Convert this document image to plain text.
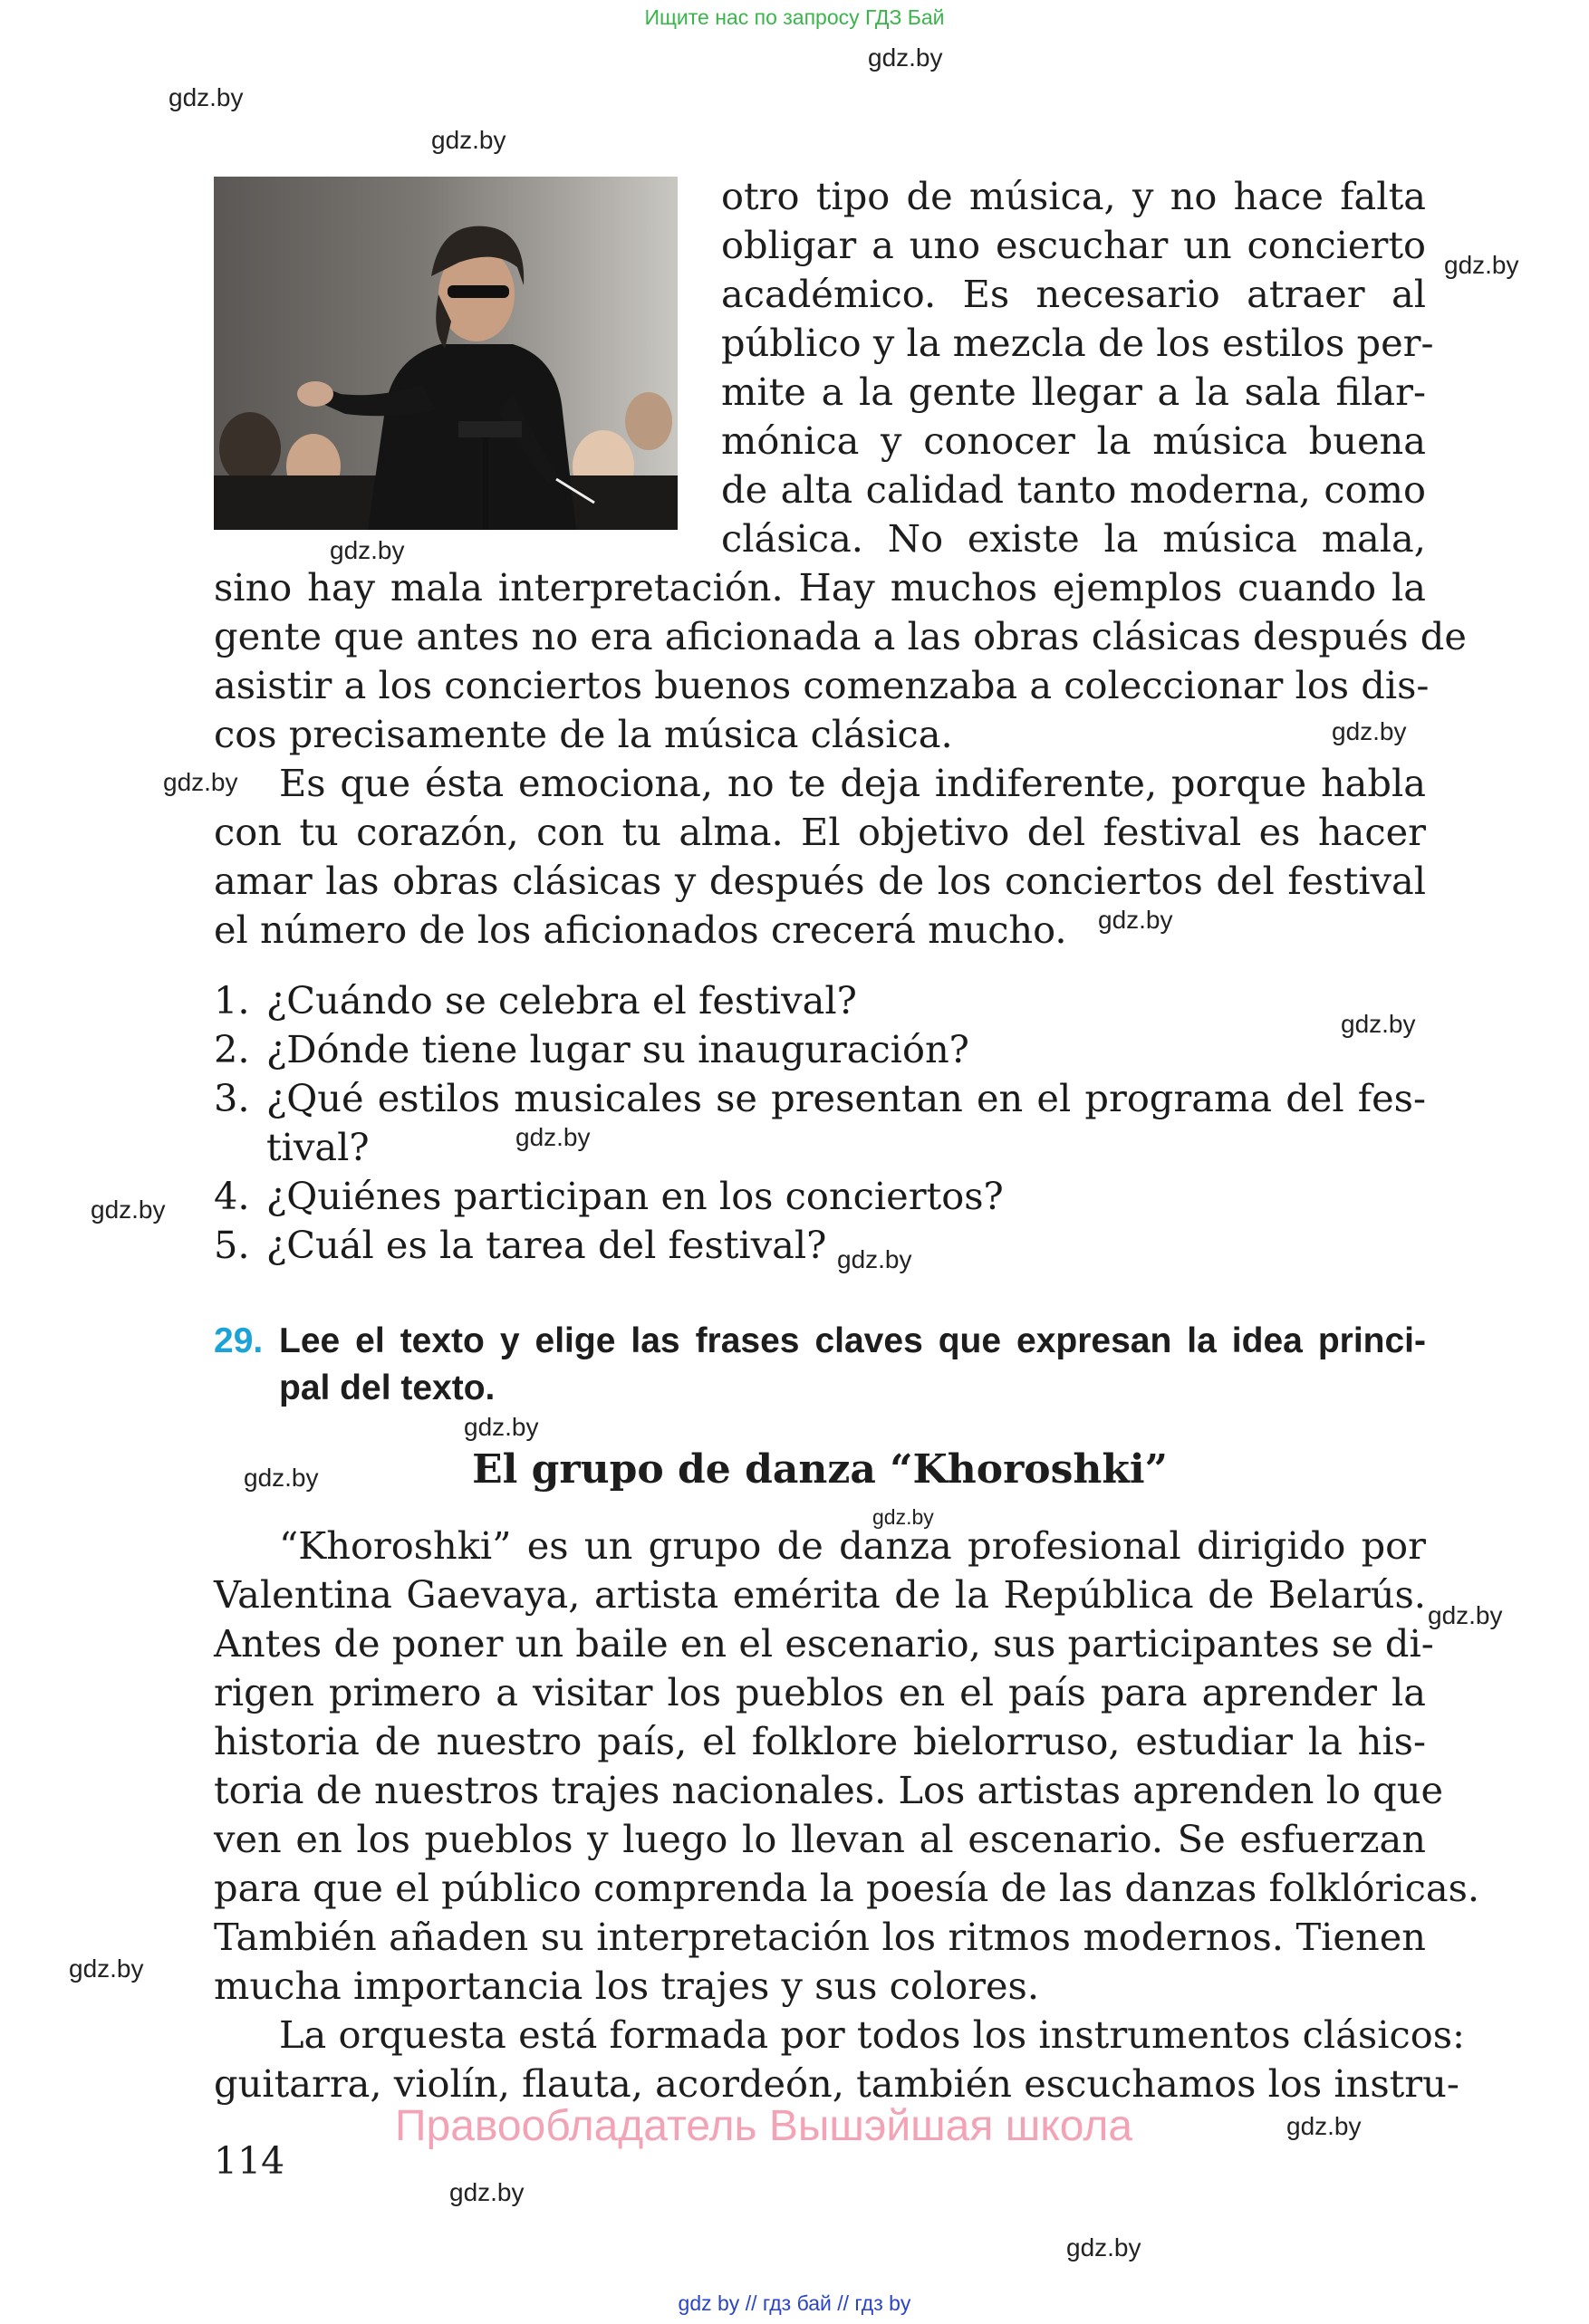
Ищите нас по запросу ГДЗ Бай
gdz.by
gdz.by
gdz.by
gdz.by
gdz.by
gdz.by
gdz.by
gdz.by
gdz.by
gdz.by
gdz.by
gdz.by
gdz.by
gdz.by
gdz.by
gdz.by
gdz.by
gdz.by
gdz.by
gdz.by
otro tipo de música, y no hace falta
obligar a uno escuchar un concierto
académico. Es necesario atraer al
público y la mezcla de los estilos per-
mite a la gente llegar a la sala filar-
mónica y conocer la música buena
de alta calidad tanto moderna, como
clásica. No existe la música mala,
sino hay mala interpretación. Hay muchos ejemplos cuando la
gente que antes no era aficionada a las obras clásicas después de
asistir a los conciertos buenos comenzaba a coleccionar los dis-
cos precisamente de la música clásica.
Es que ésta emociona, no te deja indiferente, porque habla
con tu corazón, con tu alma. El objetivo del festival es hacer
amar las obras clásicas y después de los conciertos del festival
el número de los aficionados crecerá mucho.
1. ¿Cuándo se celebra el festival?
2. ¿Dónde tiene lugar su inauguración?
3. ¿Qué estilos musicales se presentan en el programa del fes-
tival?
4. ¿Quiénes participan en los conciertos?
5. ¿Cuál es la tarea del festival?
29. Lee el texto y elige las frases claves que expresan la idea princi-
pal del texto.
El grupo de danza “Khoroshki”
“Khoroshki” es un grupo de danza profesional dirigido por
Valentina Gaevaya, artista emérita de la República de Belarús.
Antes de poner un baile en el escenario, sus participantes se di-
rigen primero a visitar los pueblos en el país para aprender la
historia de nuestro país, el folklore bielorruso, estudiar la his-
toria de nuestros trajes nacionales. Los artistas aprenden lo que
ven en los pueblos y luego lo llevan al escenario. Se esfuerzan
para que el público comprenda la poesía de las danzas folklóricas.
También añaden su interpretación los ritmos modernos. Tienen
mucha importancia los trajes y sus colores.
La orquesta está formada por todos los instrumentos clásicos:
guitarra, violín, flauta, acordeón, también escuchamos los instru-
Правообладатель Вышэйшая школа
114
gdz by // гдз бай // гдз by
